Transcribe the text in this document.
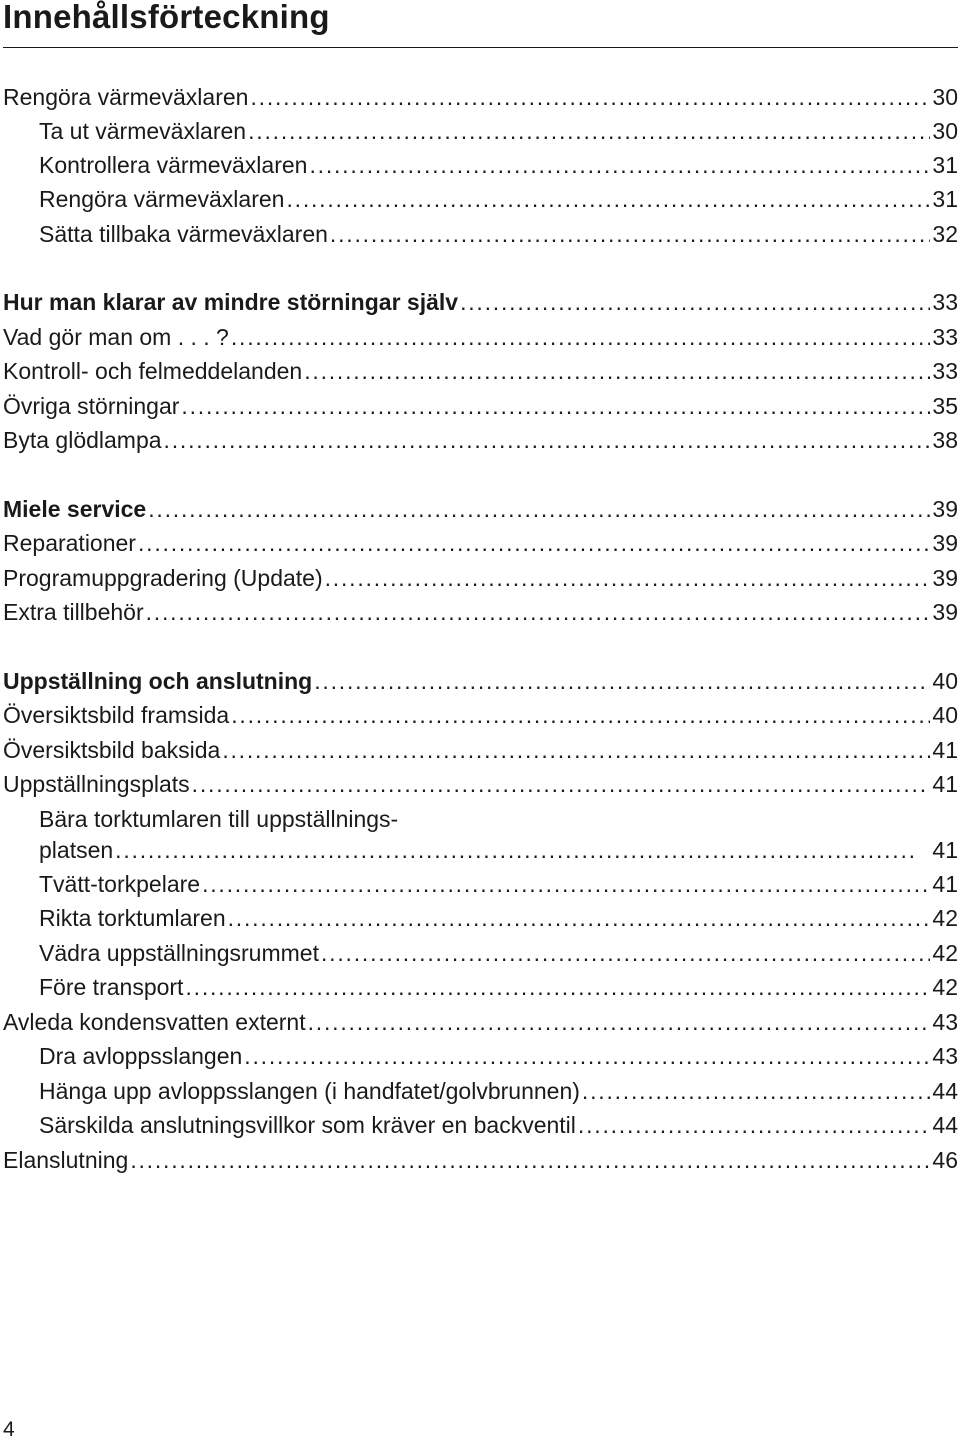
Innehållsförteckning
Rengöra värmeväxlaren . . .	30
Ta ut värmeväxlaren . . .	30
Kontrollera värmeväxlaren . . .	31
Rengöra värmeväxlaren . . .	31
Sätta tillbaka värmeväxlaren . . .	32
Hur man klarar av mindre störningar själv . . .	33
Vad gör man om . . . ? . . .	33
Kontroll- och felmeddelanden . . .	33
Övriga störningar . . .	35
Byta glödlampa . . .	38
Miele service . . .	39
Reparationer . . .	39
Programuppgradering (Update) . . .	39
Extra tillbehör . . .	39
Uppställning och anslutning . . .	40
Översiktsbild framsida . . .	40
Översiktsbild baksida . . .	41
Uppställningsplats . . .	41
Bära torktumlaren till uppställnings-
platsen . . .	41
Tvätt-torkpelare . . .	41
Rikta torktumlaren . . .	42
Vädra uppställningsrummet . . .	42
Före transport . . .	42
Avleda kondensvatten externt . . .	43
Dra avloppsslangen . . .	43
Hänga upp avloppsslangen (i handfatet/golvbrunnen) . . .	44
Särskilda anslutningsvillkor som kräver en backventil . . .	44
Elanslutning . . .	46
4
